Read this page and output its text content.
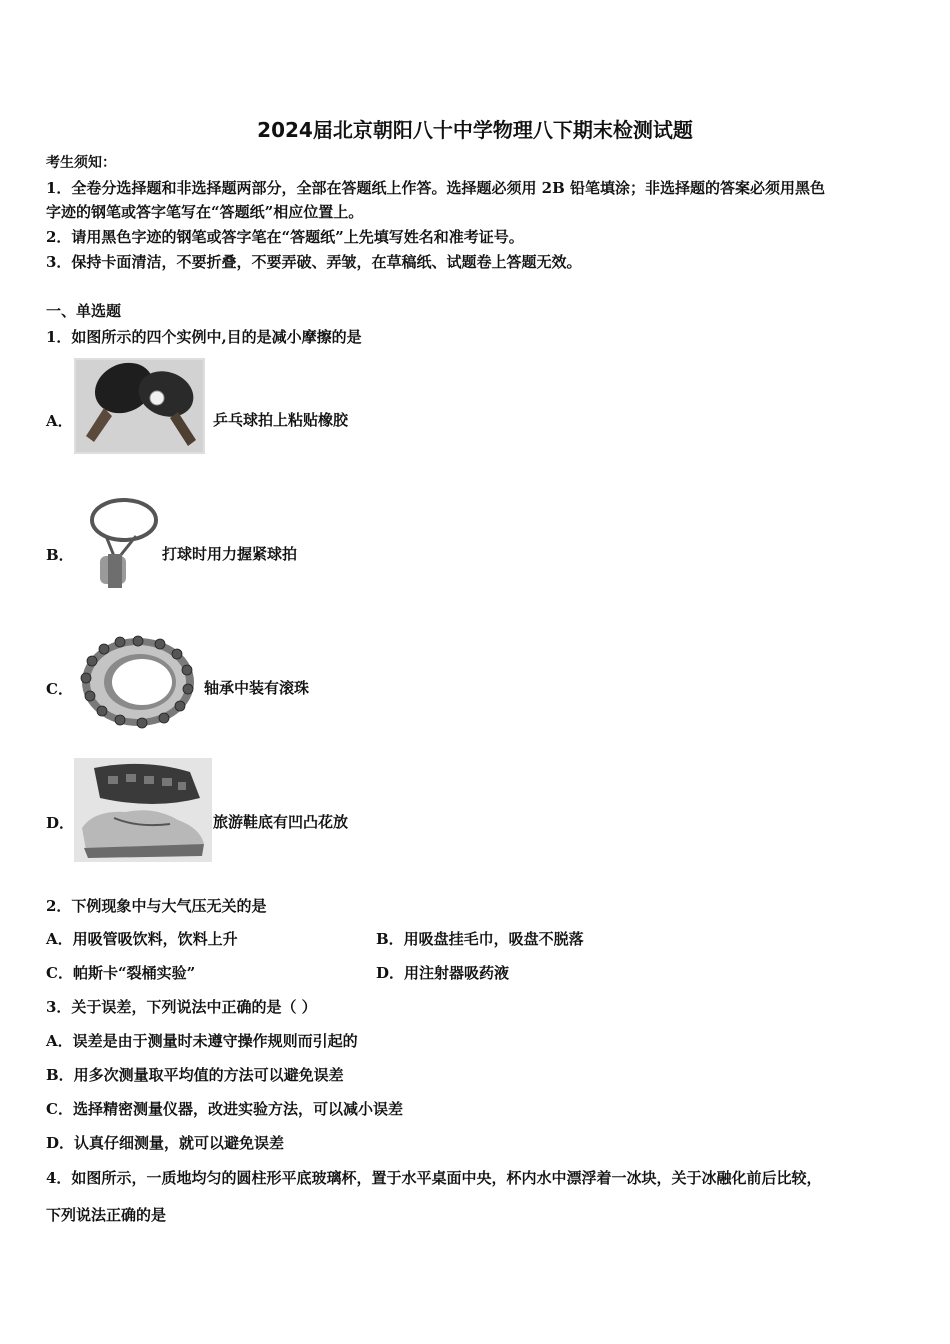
2024届北京朝阳八十中学物理八下期末检测试题
考生须知：
1．全卷分选择题和非选择题两部分，全部在答题纸上作答。选择题必须用 2B 铅笔填涂；非选择题的答案必须用黑色
字迹的钢笔或答字笔写在“答题纸”相应位置上。
2．请用黑色字迹的钢笔或答字笔在“答题纸”上先填写姓名和准考证号。
3．保持卡面清洁，不要折叠，不要弄破、弄皱，在草稿纸、试题卷上答题无效。
一、单选题
1．如图所示的四个实例中,目的是减小摩擦的是
A．	乒乓球拍上粘贴橡胶
B．	打球时用力握紧球拍
C．	轴承中装有滚珠
D．	旅游鞋底有凹凸花放
2．下例现象中与大气压无关的是
A．用吸管吸饮料，饮料上升	B．用吸盘挂毛巾，吸盘不脱落
C．帕斯卡“裂桶实验”	D．用注射器吸药液
3．关于误差，下列说法中正确的是（ ）
A．误差是由于测量时未遵守操作规则而引起的
B．用多次测量取平均值的方法可以避免误差
C．选择精密测量仪器，改进实验方法，可以减小误差
D．认真仔细测量，就可以避免误差
4．如图所示，一质地均匀的圆柱形平底玻璃杯，置于水平桌面中央，杯内水中漂浮着一冰块，关于冰融化前后比较，
下列说法正确的是
